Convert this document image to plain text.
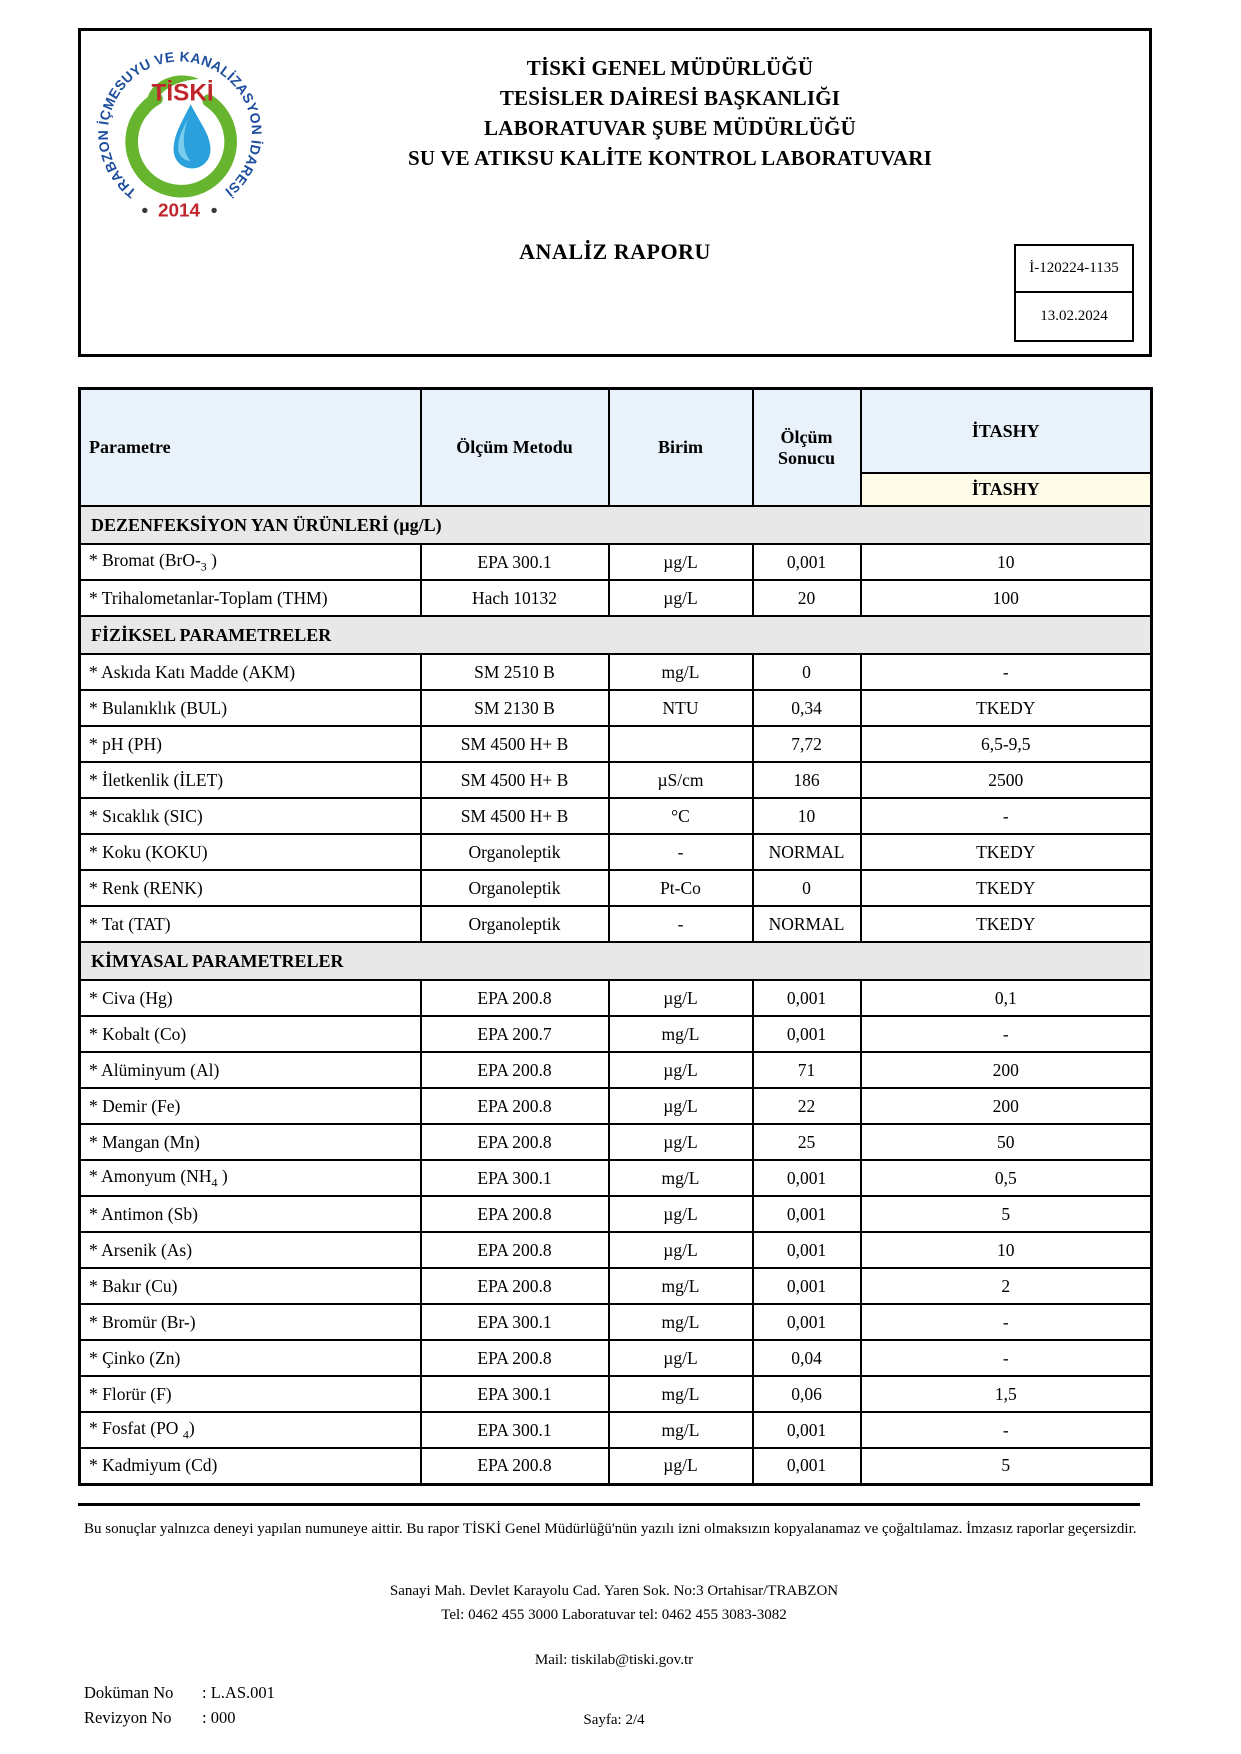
TRABZON İÇMESUYU VE KANALİZASYON İDARESİ
TİSKİ
2014
TİSKİ GENEL MÜDÜRLÜĞÜ
TESİSLER DAİRESİ BAŞKANLIĞI
LABORATUVAR ŞUBE MÜDÜRLÜĞÜ
SU VE ATIKSU KALİTE KONTROL LABORATUVARI
ANALİZ RAPORU
İ-120224-1135
13.02.2024
Parametre	Ölçüm Metodu	Birim	Ölçüm Sonucu	İTASHY
				İTASHY
DEZENFEKSİYON YAN ÜRÜNLERİ (µg/L)				
* Bromat ($BrO-_3$ )	EPA 300.1	µg/L	0,001	10
* Trihalometanlar-Toplam (THM)	Hach 10132	µg/L	20	100
FİZİKSEL PARAMETRELER				
* Askıda Katı Madde (AKM)	SM 2510 B	mg/L	0	-
* Bulanıklık (BUL)	SM 2130 B	NTU	0,34	TKEDY
* pH (PH)	SM 4500 H+ B		7,72	6,5-9,5
* İletkenlik (İLET)	SM 4500 H+ B	µS/cm	186	2500
* Sıcaklık (SIC)	SM 4500 H+ B	°C	10	-
* Koku (KOKU)	Organoleptik	-	NORMAL	TKEDY
* Renk (RENK)	Organoleptik	Pt-Co	0	TKEDY
* Tat (TAT)	Organoleptik	-	NORMAL	TKEDY
KİMYASAL PARAMETRELER				
* Civa (Hg)	EPA 200.8	µg/L	0,001	0,1
* Kobalt (Co)	EPA 200.7	mg/L	0,001	-
* Alüminyum (Al)	EPA 200.8	µg/L	71	200
* Demir (Fe)	EPA 200.8	µg/L	22	200
* Mangan (Mn)	EPA 200.8	µg/L	25	50
* Amonyum ($NH_4$ )	EPA 300.1	mg/L	0,001	0,5
* Antimon (Sb)	EPA 200.8	µg/L	0,001	5
* Arsenik (As)	EPA 200.8	µg/L	0,001	10
* Bakır (Cu)	EPA 200.8	mg/L	0,001	2
* Bromür (Br-)	EPA 300.1	mg/L	0,001	-
* Çinko (Zn)	EPA 200.8	µg/L	0,04	-
* Florür (F)	EPA 300.1	mg/L	0,06	1,5
* Fosfat (PO $_4$)	EPA 300.1	mg/L	0,001	-
* Kadmiyum (Cd)	EPA 200.8	µg/L	0,001	5
Bu sonuçlar yalnızca deneyi yapılan numuneye aittir. Bu rapor TİSKİ Genel Müdürlüğü'nün yazılı izni olmaksızın kopyalanamaz ve çoğaltılamaz. İmzasız raporlar geçersizdir.
Sanayi Mah. Devlet Karayolu Cad. Yaren Sok. No:3 Ortahisar/TRABZON
Tel: 0462 455 3000 Laboratuvar tel: 0462 455 3083-3082
Mail: tiskilab@tiski.gov.tr
Doküman No : L.AS.001
Revizyon No : 000	Sayfa: 2/4
